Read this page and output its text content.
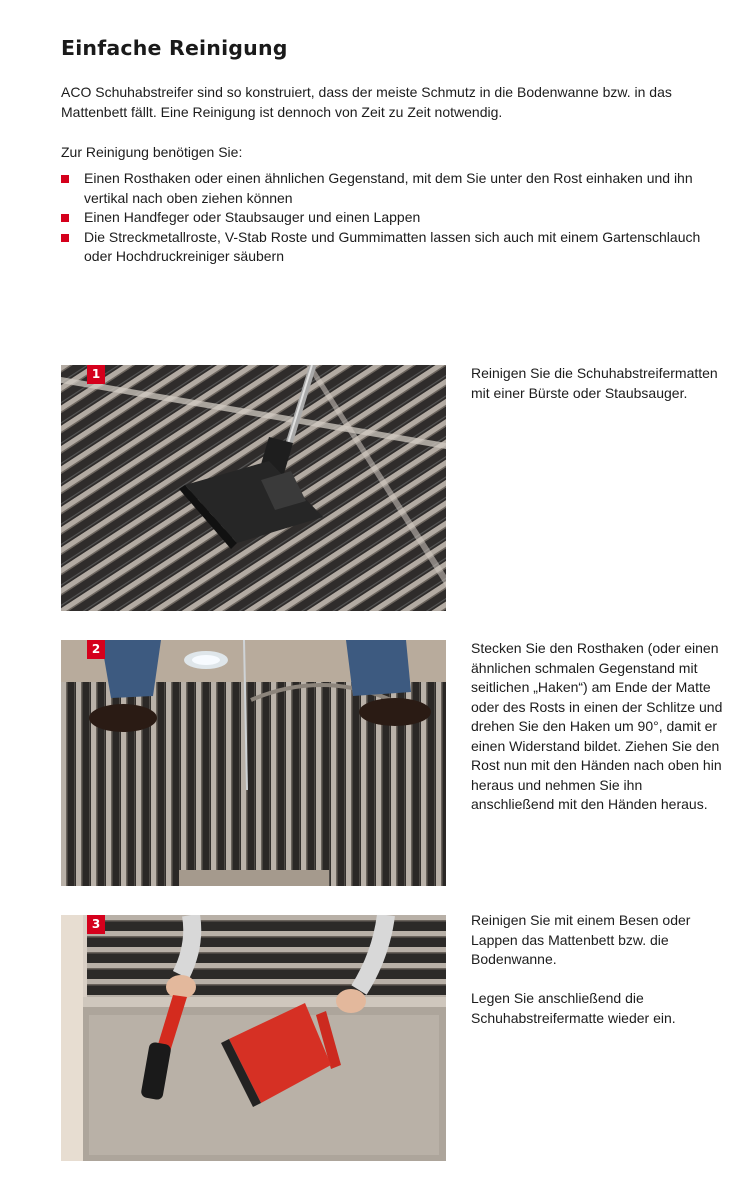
Einfache Reinigung
ACO Schuhabstreifer sind so konstruiert, dass der meiste Schmutz in die Bodenwanne bzw. in das Mattenbett fällt. Eine Reinigung ist dennoch von Zeit zu Zeit notwendig.
Zur Reinigung benötigen Sie:
Einen Rosthaken oder einen ähnlichen Gegenstand, mit dem Sie unter den Rost einhaken und ihn vertikal nach oben ziehen können
Einen Handfeger oder Staubsauger und einen Lappen
Die Streckmetallroste, V-Stab Roste und Gummimatten lassen sich auch mit einem Gartenschlauch oder Hochdruckreiniger säubern
1	Reinigen Sie die Schuhabstreifermatten mit einer Bürste oder Staubsauger.

2	Stecken Sie den Rosthaken (oder einen ähnlichen schmalen Gegenstand mit seitlichen „Haken“) am Ende der Matte oder des Rosts in einen der Schlitze und drehen Sie den Haken um 90°, damit er einen Widerstand bildet. Ziehen Sie den Rost nun mit den Händen nach oben hin heraus und nehmen Sie ihn anschließend mit den Händen heraus.

3	Reinigen Sie mit einem Besen oder Lappen das Mattenbett bzw. die Bodenwanne.

Legen Sie anschließend die Schuhabstreifermatte wieder ein.
